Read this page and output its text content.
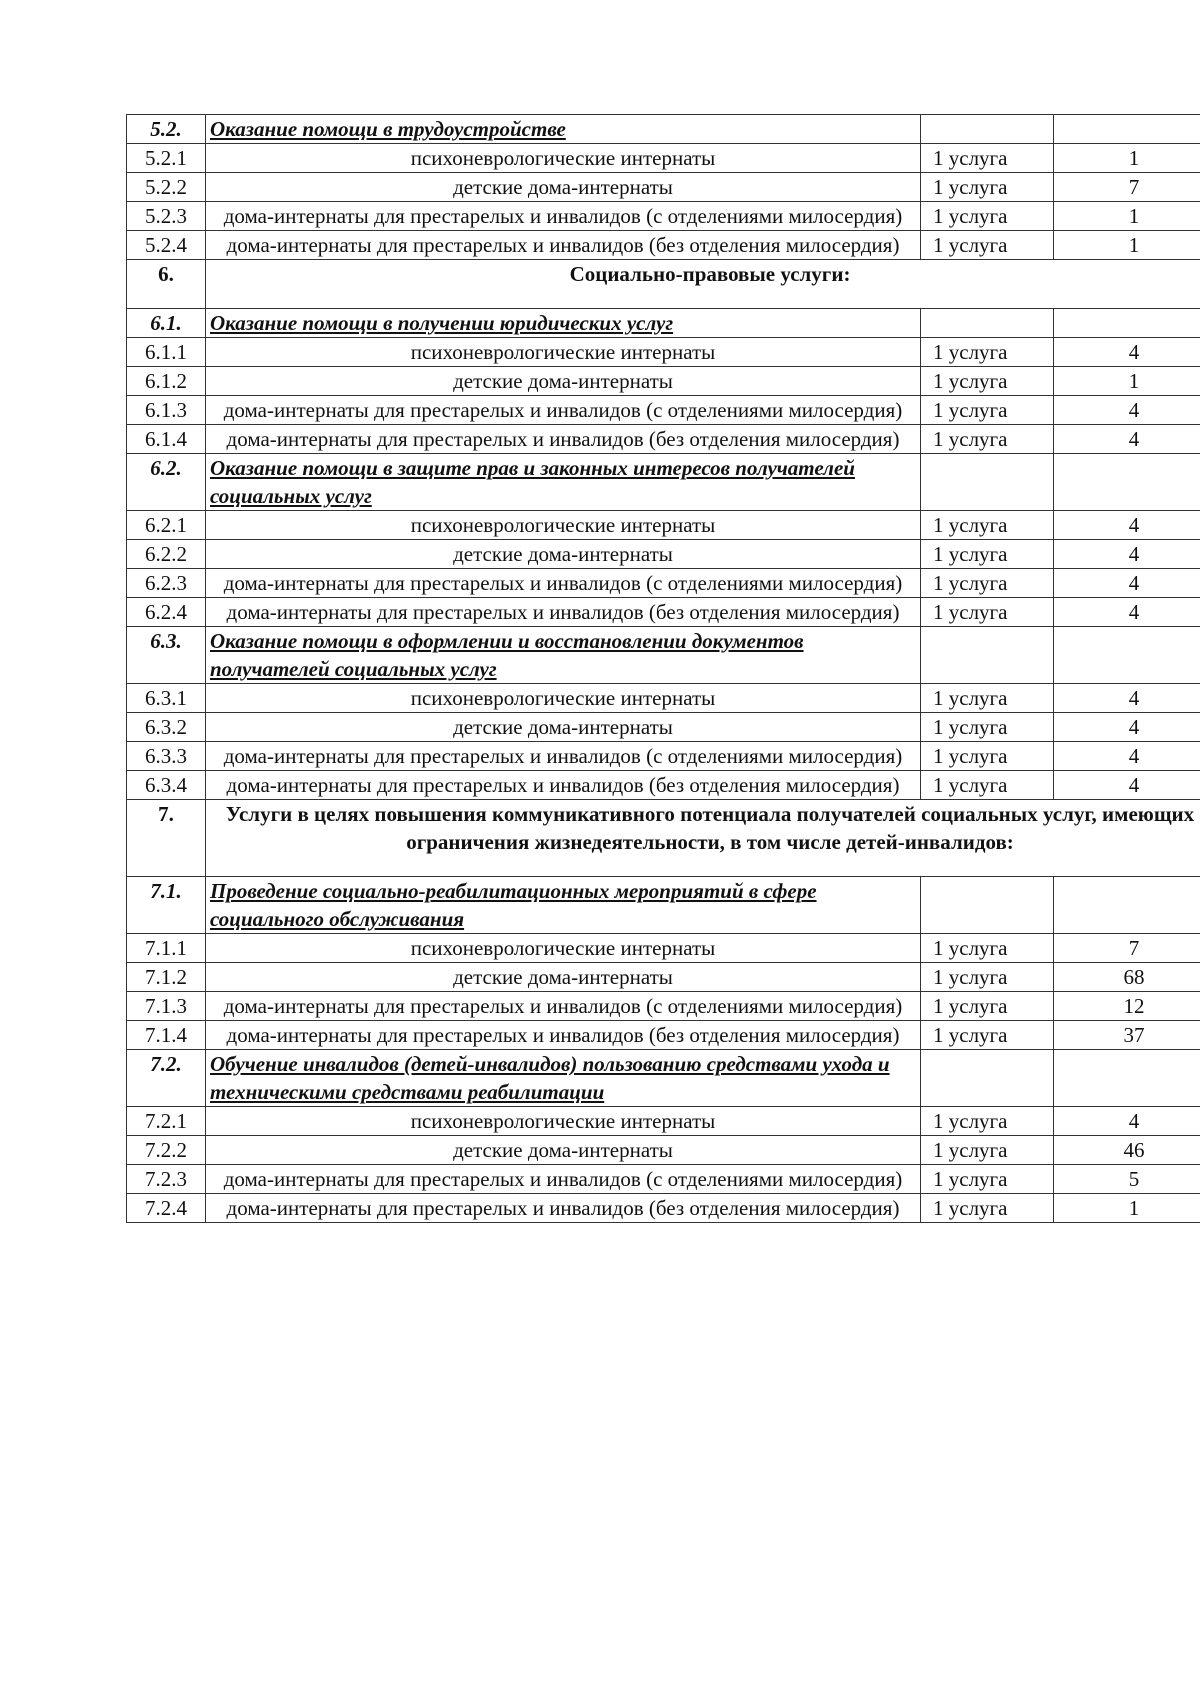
5.2.	Оказание помощи в трудоустройстве		
5.2.1	психоневрологические интернаты	1 услуга	1
5.2.2	детские дома-интернаты	1 услуга	7
5.2.3	дома-интернаты для престарелых и инвалидов (с отделениями милосердия)	1 услуга	1
5.2.4	дома-интернаты для престарелых и инвалидов (без отделения милосердия)	1 услуга	1
6.	Социально-правовые услуги:		
6.1.	Оказание помощи в получении юридических услуг		
6.1.1	психоневрологические интернаты	1 услуга	4
6.1.2	детские дома-интернаты	1 услуга	1
6.1.3	дома-интернаты для престарелых и инвалидов (с отделениями милосердия)	1 услуга	4
6.1.4	дома-интернаты для престарелых и инвалидов (без отделения милосердия)	1 услуга	4
6.2.	Оказание помощи в защите прав и законных интересов получателей социальных услуг		
6.2.1	психоневрологические интернаты	1 услуга	4
6.2.2	детские дома-интернаты	1 услуга	4
6.2.3	дома-интернаты для престарелых и инвалидов (с отделениями милосердия)	1 услуга	4
6.2.4	дома-интернаты для престарелых и инвалидов (без отделения милосердия)	1 услуга	4
6.3.	Оказание помощи в оформлении и восстановлении документов получателей социальных услуг		
6.3.1	психоневрологические интернаты	1 услуга	4
6.3.2	детские дома-интернаты	1 услуга	4
6.3.3	дома-интернаты для престарелых и инвалидов (с отделениями милосердия)	1 услуга	4
6.3.4	дома-интернаты для престарелых и инвалидов (без отделения милосердия)	1 услуга	4
7.	Услуги в целях повышения коммуникативного потенциала получателей социальных услуг, имеющих ограничения жизнедеятельности, в том числе детей-инвалидов:		
7.1.	Проведение социально-реабилитационных мероприятий в сфере социального обслуживания		
7.1.1	психоневрологические интернаты	1 услуга	7
7.1.2	детские дома-интернаты	1 услуга	68
7.1.3	дома-интернаты для престарелых и инвалидов (с отделениями милосердия)	1 услуга	12
7.1.4	дома-интернаты для престарелых и инвалидов (без отделения милосердия)	1 услуга	37
7.2.	Обучение инвалидов (детей-инвалидов) пользованию средствами ухода и техническими средствами реабилитации		
7.2.1	психоневрологические интернаты	1 услуга	4
7.2.2	детские дома-интернаты	1 услуга	46
7.2.3	дома-интернаты для престарелых и инвалидов (с отделениями милосердия)	1 услуга	5
7.2.4	дома-интернаты для престарелых и инвалидов (без отделения милосердия)	1 услуга	1
